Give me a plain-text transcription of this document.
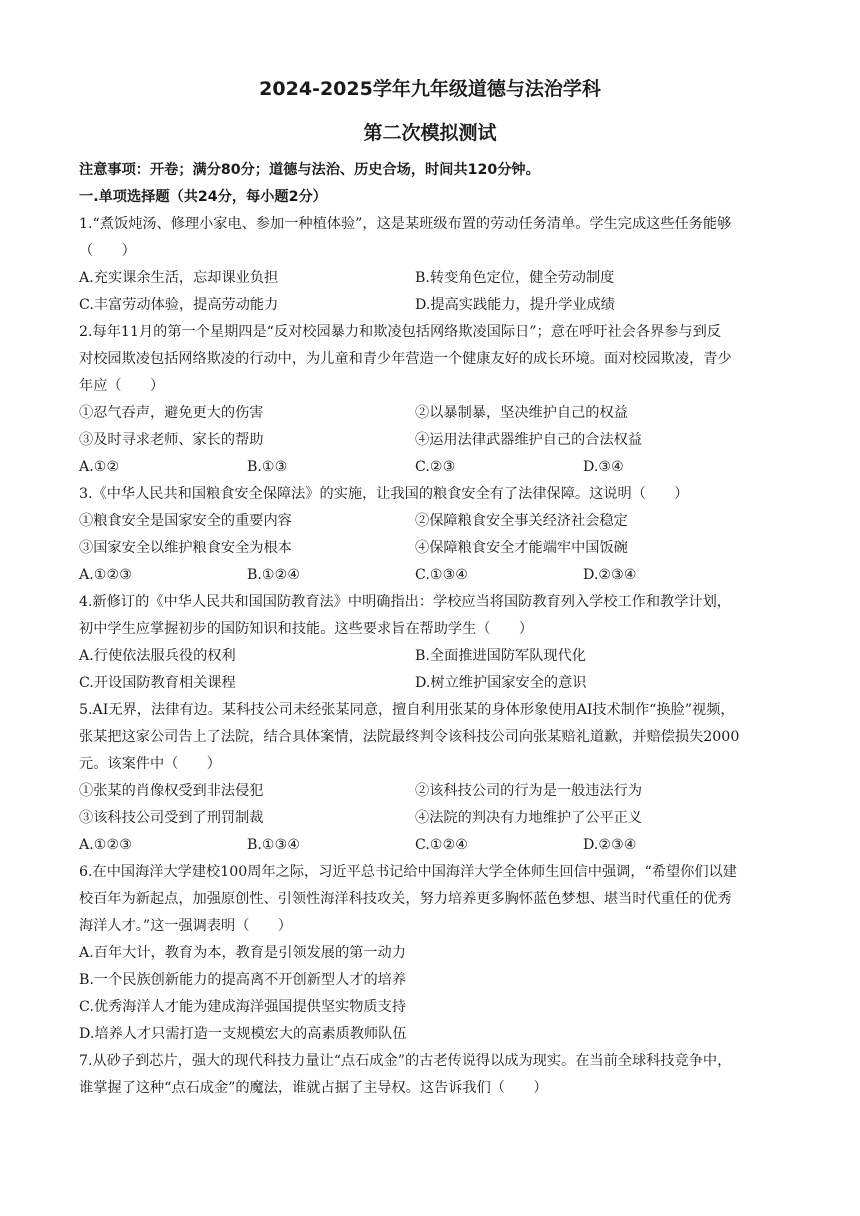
2024-2025学年九年级道德与法治学科
第二次模拟测试
注意事项：开卷；满分80分；道德与法治、历史合场，时间共120分钟。
一.单项选择题（共24分，每小题2分）
1.“煮饭炖汤、修理小家电、参加一种植体验”，这是某班级布置的劳动任务清单。学生完成这些任务能够
（　　）
A.充实课余生活，忘却课业负担	B.转变角色定位，健全劳动制度
C.丰富劳动体验，提高劳动能力	D.提高实践能力，提升学业成绩
2.每年11月的第一个星期四是“反对校园暴力和欺凌包括网络欺凌国际日”；意在呼吁社会各界参与到反
对校园欺凌包括网络欺凌的行动中，为儿童和青少年营造一个健康友好的成长环境。面对校园欺凌，青少
年应（　　）
①忍气吞声，避免更大的伤害	②以暴制暴，坚决维护自己的权益
③及时寻求老师、家长的帮助	④运用法律武器维护自己的合法权益
A.①②	B.①③	C.②③	D.③④
3.《中华人民共和国粮食安全保障法》的实施，让我国的粮食安全有了法律保障。这说明（　　）
①粮食安全是国家安全的重要内容	②保障粮食安全事关经济社会稳定
③国家安全以维护粮食安全为根本	④保障粮食安全才能端牢中国饭碗
A.①②③	B.①②④	C.①③④	D.②③④
4.新修订的《中华人民共和国国防教育法》中明确指出：学校应当将国防教育列入学校工作和教学计划，
初中学生应掌握初步的国防知识和技能。这些要求旨在帮助学生（　　）
A.行使依法服兵役的权利	B.全面推进国防军队现代化
C.开设国防教育相关课程	D.树立维护国家安全的意识
5.AI无界，法律有边。某科技公司未经张某同意，擅自利用张某的身体形象使用AI技术制作“换脸”视频，
张某把这家公司告上了法院，结合具体案情，法院最终判令该科技公司向张某赔礼道歉，并赔偿损失2000
元。该案件中（　　）
①张某的肖像权受到非法侵犯	②该科技公司的行为是一般违法行为
③该科技公司受到了刑罚制裁	④法院的判决有力地维护了公平正义
A.①②③	B.①③④	C.①②④	D.②③④
6.在中国海洋大学建校100周年之际，习近平总书记给中国海洋大学全体师生回信中强调，“希望你们以建
校百年为新起点，加强原创性、引领性海洋科技攻关，努力培养更多胸怀蓝色梦想、堪当时代重任的优秀
海洋人才。”这一强调表明（　　）
A.百年大计，教育为本，教育是引领发展的第一动力
B.一个民族创新能力的提高离不开创新型人才的培养
C.优秀海洋人才能为建成海洋强国提供坚实物质支持
D.培养人才只需打造一支规模宏大的高素质教师队伍
7.从砂子到芯片，强大的现代科技力量让“点石成金”的古老传说得以成为现实。在当前全球科技竞争中，
谁掌握了这种“点石成金”的魔法，谁就占据了主导权。这告诉我们（　　）
